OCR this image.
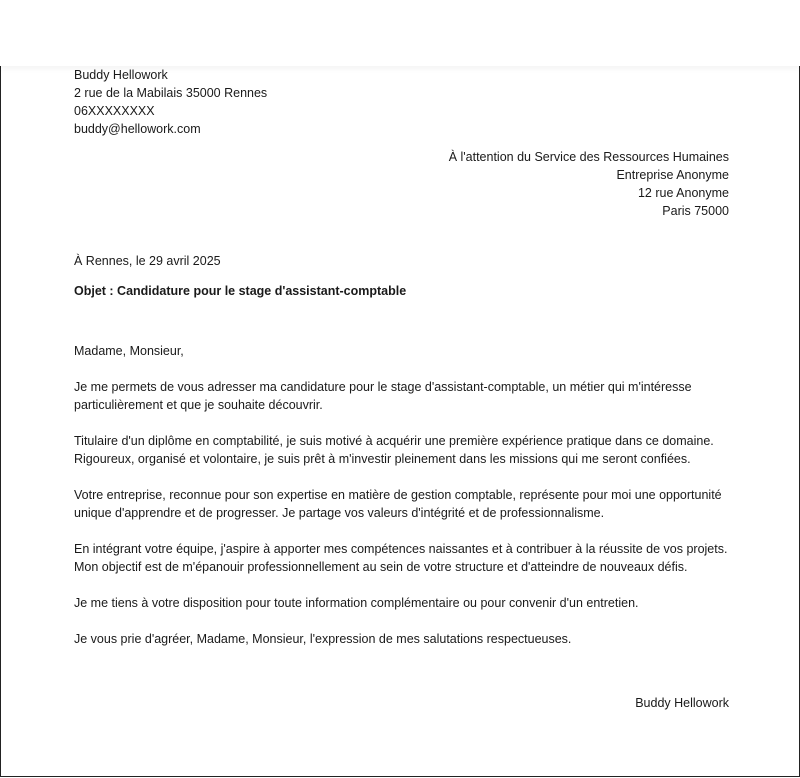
Buddy Hellowork
2 rue de la Mabilais 35000 Rennes
06XXXXXXXX
buddy@hellowork.com
À l'attention du Service des Ressources Humaines
Entreprise Anonyme
12 rue Anonyme
Paris 75000
À Rennes, le 29 avril 2025
Objet : Candidature pour le stage d'assistant-comptable

Madame, Monsieur,

Je me permets de vous adresser ma candidature pour le stage d'assistant-comptable, un métier qui m'intéresse particulièrement et que je souhaite découvrir.

Titulaire d'un diplôme en comptabilité, je suis motivé à acquérir une première expérience pratique dans ce domaine. Rigoureux, organisé et volontaire, je suis prêt à m'investir pleinement dans les missions qui me seront confiées.

Votre entreprise, reconnue pour son expertise en matière de gestion comptable, représente pour moi une opportunité unique d'apprendre et de progresser. Je partage vos valeurs d'intégrité et de professionnalisme.

En intégrant votre équipe, j'aspire à apporter mes compétences naissantes et à contribuer à la réussite de vos projets. Mon objectif est de m'épanouir professionnellement au sein de votre structure et d'atteindre de nouveaux défis.

Je me tiens à votre disposition pour toute information complémentaire ou pour convenir d'un entretien.

Je vous prie d'agréer, Madame, Monsieur, l'expression de mes salutations respectueuses.

Buddy Hellowork
